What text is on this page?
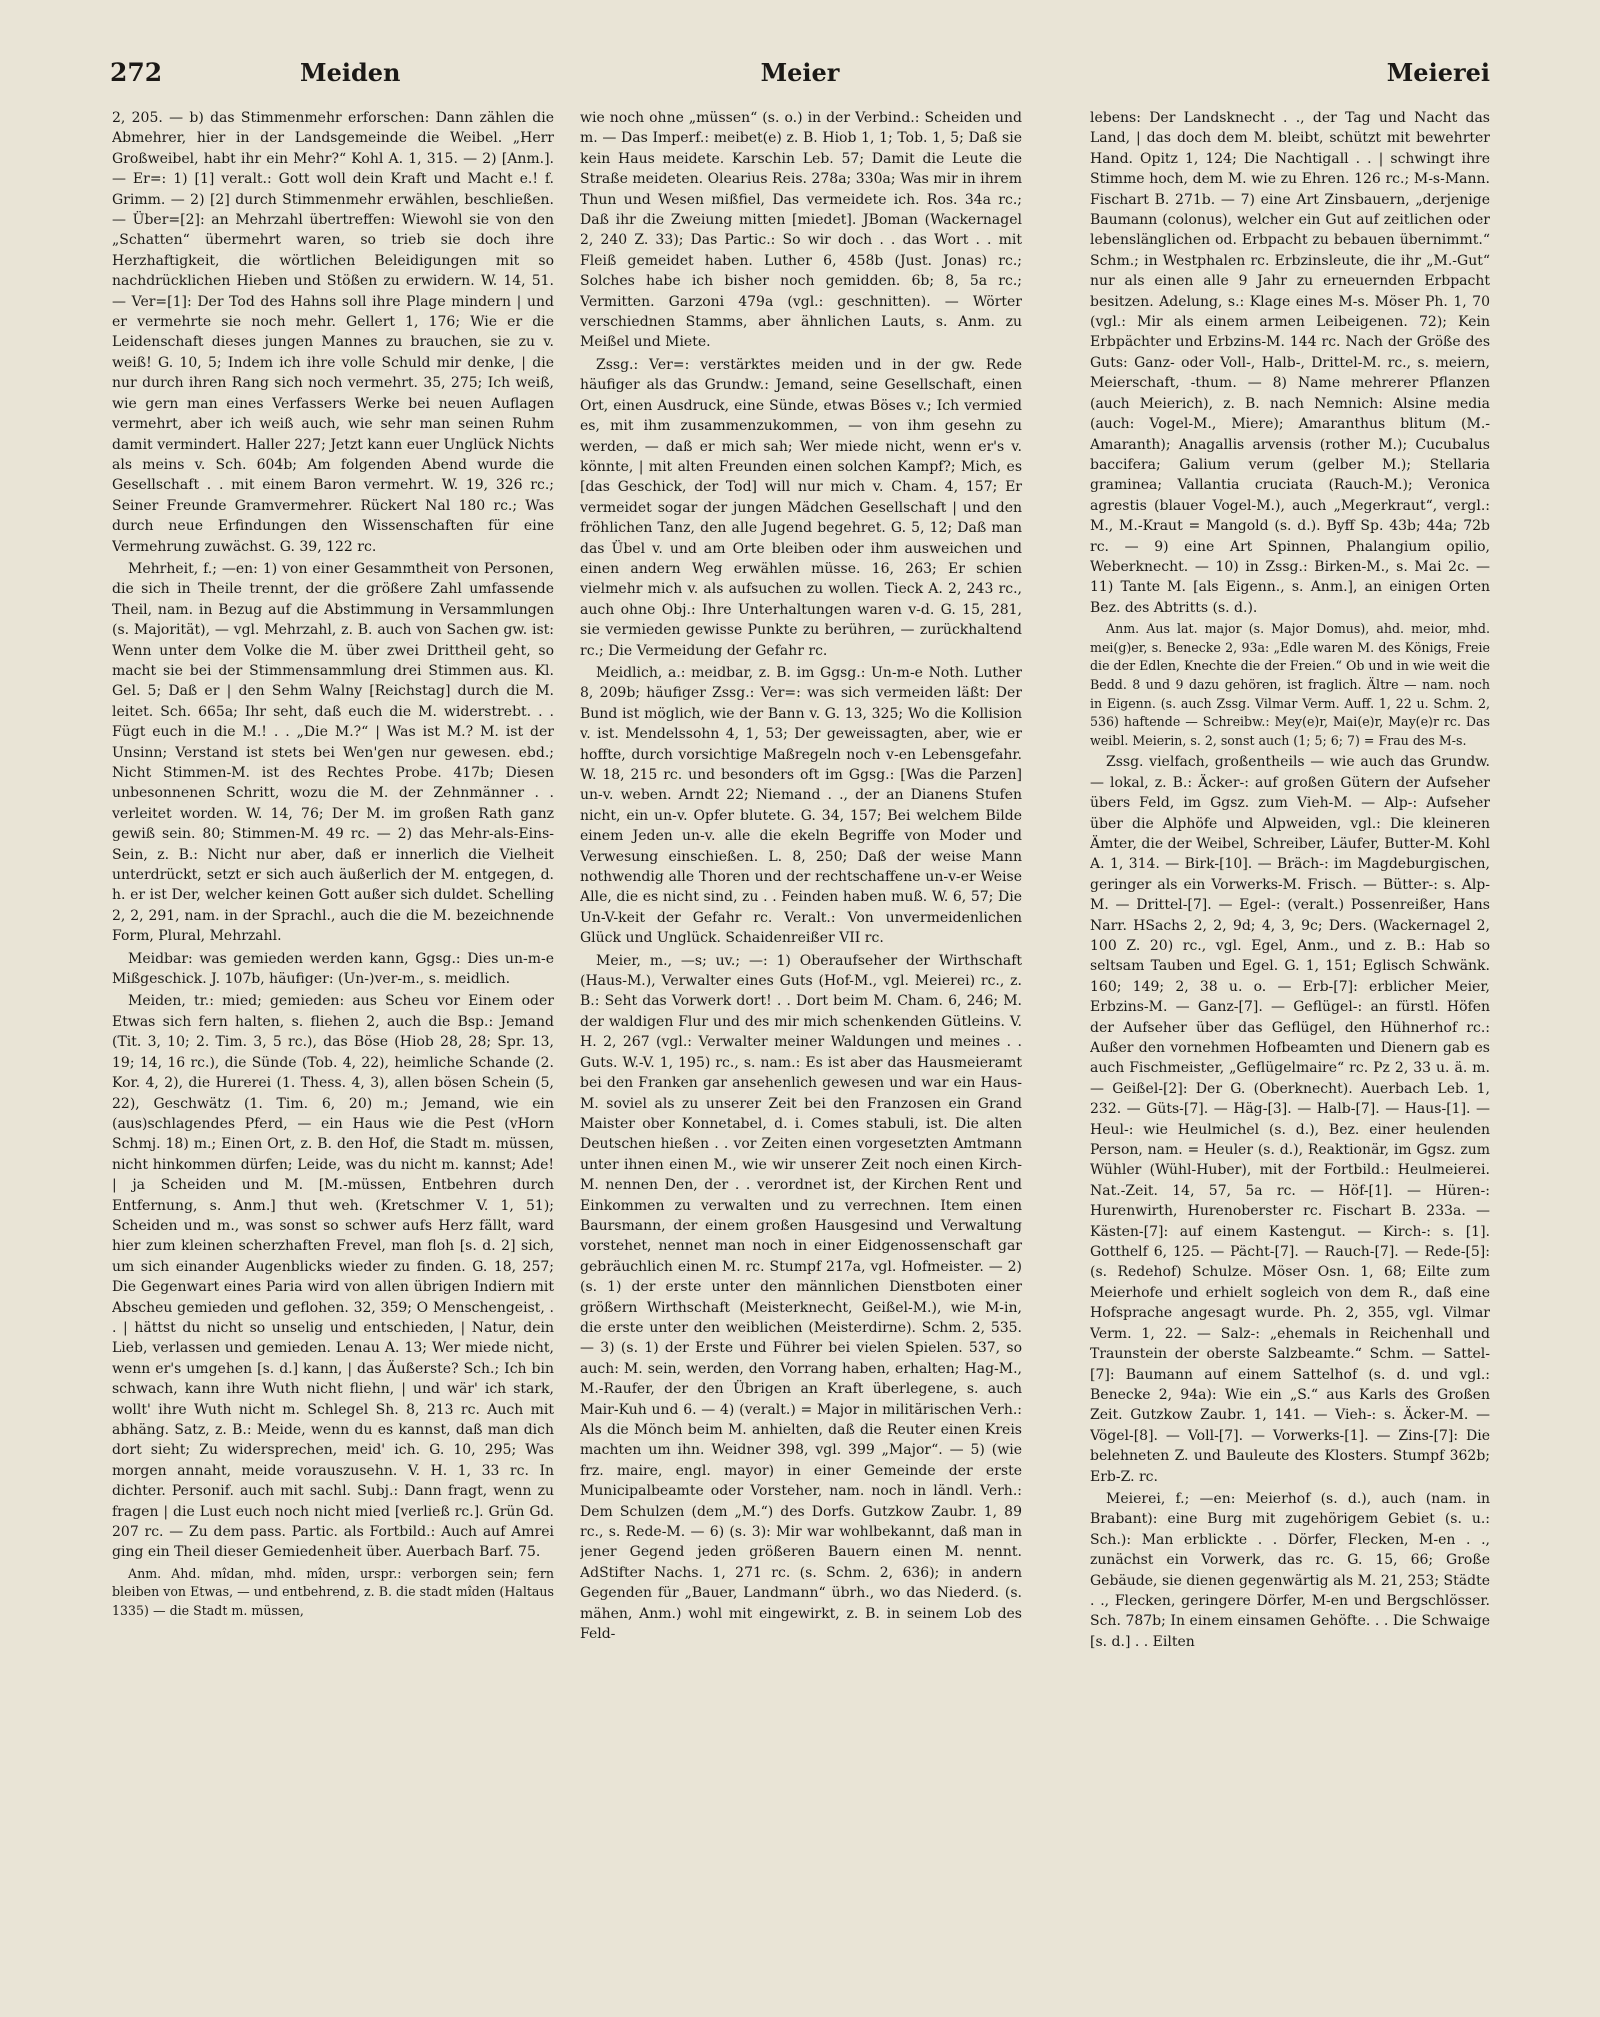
272	Meiden	Meier	Meierei

2, 205. — b) das Stimmenmehr erforschen: Dann zählen die Abmehrer, hier in der Landsgemeinde die Weibel. „Herr Großweibel, habt ihr ein Mehr?“ Kohl A. 1, 315. — 2) [Anm.]. — Er=: 1) [1] veralt.: Gott woll dein Kraft und Macht e.! f. Grimm. — 2) [2] durch Stimmenmehr erwählen, beschließen. — Über=[2]: an Mehrzahl übertreffen: Wiewohl sie von den „Schatten“ übermehrt waren, so trieb sie doch ihre Herzhaftigkeit, die wörtlichen Beleidigungen mit so nachdrücklichen Hieben und Stößen zu erwidern. W. 14, 51. — Ver=[1]: Der Tod des Hahns soll ihre Plage mindern | und er vermehrte sie noch mehr. Gellert 1, 176; Wie er die Leidenschaft dieses jungen Mannes zu brauchen, sie zu v. weiß! G. 10, 5; Indem ich ihre volle Schuld mir denke, | die nur durch ihren Rang sich noch vermehrt. 35, 275; Ich weiß, wie gern man eines Verfassers Werke bei neuen Auflagen vermehrt, aber ich weiß auch, wie sehr man seinen Ruhm damit vermindert. Haller 227; Jetzt kann euer Unglück Nichts als meins v. Sch. 604b; Am folgenden Abend wurde die Gesellschaft . . mit einem Baron vermehrt. W. 19, 326 rc.; Seiner Freunde Gramvermehrer. Rückert Nal 180 rc.; Was durch neue Erfindungen den Wissenschaften für eine Vermehrung zuwächst. G. 39, 122 rc.

Mehrheit, f.; —en: 1) von einer Gesammtheit von Personen, die sich in Theile trennt, der die größere Zahl umfassende Theil, nam. in Bezug auf die Abstimmung in Versammlungen (s. Majorität), — vgl. Mehrzahl, z. B. auch von Sachen gw. ist: Wenn unter dem Volke die M. über zwei Drittheil geht, so macht sie bei der Stimmensammlung drei Stimmen aus. Kl. Gel. 5; Daß er | den Sehm Walny [Reichstag] durch die M. leitet. Sch. 665a; Ihr seht, daß euch die M. widerstrebt. . . Fügt euch in die M.! . . „Die M.?“ | Was ist M.? M. ist der Unsinn; Verstand ist stets bei Wen'gen nur gewesen. ebd.; Nicht Stimmen-M. ist des Rechtes Probe. 417b; Diesen unbesonnenen Schritt, wozu die M. der Zehnmänner . . verleitet worden. W. 14, 76; Der M. im großen Rath ganz gewiß sein. 80; Stimmen-M. 49 rc. — 2) das Mehr-als-Eins-Sein, z. B.: Nicht nur aber, daß er innerlich die Vielheit unterdrückt, setzt er sich auch äußerlich der M. entgegen, d. h. er ist Der, welcher keinen Gott außer sich duldet. Schelling 2, 2, 291, nam. in der Sprachl., auch die die M. bezeichnende Form, Plural, Mehrzahl.

Meidbar: was gemieden werden kann, Ggsg.: Dies un-m-e Mißgeschick. J. 107b, häufiger: (Un-)ver-m., s. meidlich.

Meiden, tr.: mied; gemieden: aus Scheu vor Einem oder Etwas sich fern halten, s. fliehen 2, auch die Bsp.: Jemand (Tit. 3, 10; 2. Tim. 3, 5 rc.), das Böse (Hiob 28, 28; Spr. 13, 19; 14, 16 rc.), die Sünde (Tob. 4, 22), heimliche Schande (2. Kor. 4, 2), die Hurerei (1. Thess. 4, 3), allen bösen Schein (5, 22), Geschwätz (1. Tim. 6, 20) m.; Jemand, wie ein (aus)schlagendes Pferd, — ein Haus wie die Pest (vHorn Schmj. 18) m.; Einen Ort, z. B. den Hof, die Stadt m. müssen, nicht hinkommen dürfen; Leide, was du nicht m. kannst; Ade! | ja Scheiden und M. [M.-müssen, Entbehren durch Entfernung, s. Anm.] thut weh. (Kretschmer V. 1, 51); Scheiden und m., was sonst so schwer aufs Herz fällt, ward hier zum kleinen scherzhaften Frevel, man floh [s. d. 2] sich, um sich einander Augenblicks wieder zu finden. G. 18, 257; Die Gegenwart eines Paria wird von allen übrigen Indiern mit Abscheu gemieden und geflohen. 32, 359; O Menschengeist, . . | hättst du nicht so unselig und entschieden, | Natur, dein Lieb, verlassen und gemieden. Lenau A. 13; Wer miede nicht, wenn er's umgehen [s. d.] kann, | das Äußerste? Sch.; Ich bin schwach, kann ihre Wuth nicht fliehn, | und wär' ich stark, wollt' ihre Wuth nicht m. Schlegel Sh. 8, 213 rc. Auch mit abhäng. Satz, z. B.: Meide, wenn du es kannst, daß man dich dort sieht; Zu widersprechen, meid' ich. G. 10, 295; Was morgen annaht, meide vorauszusehn. V. H. 1, 33 rc. In dichter. Personif. auch mit sachl. Subj.: Dann fragt, wenn zu fragen | die Lust euch noch nicht mied [verließ rc.]. Grün Gd. 207 rc. — Zu dem pass. Partic. als Fortbild.: Auch auf Amrei ging ein Theil dieser Gemiedenheit über. Auerbach Barf. 75.

Anm. Ahd. mîdan, mhd. mîden, urspr.: verborgen sein; fern bleiben von Etwas, — und entbehrend, z. B. die stadt mîden (Haltaus 1335) — die Stadt m. müssen,

wie noch ohne „müssen“ (s. o.) in der Verbind.: Scheiden und m. — Das Imperf.: meibet(e) z. B. Hiob 1, 1; Tob. 1, 5; Daß sie kein Haus meidete. Karschin Leb. 57; Damit die Leute die Straße meideten. Olearius Reis. 278a; 330a; Was mir in ihrem Thun und Wesen mißfiel, Das vermeidete ich. Ros. 34a rc.; Daß ihr die Zweiung mitten [miedet]. JBoman (Wackernagel 2, 240 Z. 33); Das Partic.: So wir doch . . das Wort . . mit Fleiß gemeidet haben. Luther 6, 458b (Just. Jonas) rc.; Solches habe ich bisher noch gemidden. 6b; 8, 5a rc.; Vermitten. Garzoni 479a (vgl.: geschnitten). — Wörter verschiednen Stamms, aber ähnlichen Lauts, s. Anm. zu Meißel und Miete.

Zssg.: Ver=: verstärktes meiden und in der gw. Rede häufiger als das Grundw.: Jemand, seine Gesellschaft, einen Ort, einen Ausdruck, eine Sünde, etwas Böses v.; Ich vermied es, mit ihm zusammenzukommen, — von ihm gesehn zu werden, — daß er mich sah; Wer miede nicht, wenn er's v. könnte, | mit alten Freunden einen solchen Kampf?; Mich, es [das Geschick, der Tod] will nur mich v. Cham. 4, 157; Er vermeidet sogar der jungen Mädchen Gesellschaft | und den fröhlichen Tanz, den alle Jugend begehret. G. 5, 12; Daß man das Übel v. und am Orte bleiben oder ihm ausweichen und einen andern Weg erwählen müsse. 16, 263; Er schien vielmehr mich v. als aufsuchen zu wollen. Tieck A. 2, 243 rc., auch ohne Obj.: Ihre Unterhaltungen waren v-d. G. 15, 281, sie vermieden gewisse Punkte zu berühren, — zurückhaltend rc.; Die Vermeidung der Gefahr rc.

Meidlich, a.: meidbar, z. B. im Ggsg.: Un-m-e Noth. Luther 8, 209b; häufiger Zssg.: Ver=: was sich vermeiden läßt: Der Bund ist möglich, wie der Bann v. G. 13, 325; Wo die Kollision v. ist. Mendelssohn 4, 1, 53; Der geweissagten, aber, wie er hoffte, durch vorsichtige Maßregeln noch v-en Lebensgefahr. W. 18, 215 rc. und besonders oft im Ggsg.: [Was die Parzen] un-v. weben. Arndt 22; Niemand . ., der an Dianens Stufen nicht, ein un-v. Opfer blutete. G. 34, 157; Bei welchem Bilde einem Jeden un-v. alle die ekeln Begriffe von Moder und Verwesung einschießen. L. 8, 250; Daß der weise Mann nothwendig alle Thoren und der rechtschaffene un-v-er Weise Alle, die es nicht sind, zu . . Feinden haben muß. W. 6, 57; Die Un-V-keit der Gefahr rc. Veralt.: Von unvermeidenlichen Glück und Unglück. Schaidenreißer VII rc.

Meier, m., —s; uv.; —: 1) Oberaufseher der Wirthschaft (Haus-M.), Verwalter eines Guts (Hof-M., vgl. Meierei) rc., z. B.: Seht das Vorwerk dort! . . Dort beim M. Cham. 6, 246; M. der waldigen Flur und des mir mich schenkenden Gütleins. V. H. 2, 267 (vgl.: Verwalter meiner Waldungen und meines . . Guts. W.-V. 1, 195) rc., s. nam.: Es ist aber das Hausmeieramt bei den Franken gar ansehenlich gewesen und war ein Haus-M. soviel als zu unserer Zeit bei den Franzosen ein Grand Maister ober Konnetabel, d. i. Comes stabuli, ist. Die alten Deutschen hießen . . vor Zeiten einen vorgesetzten Amtmann unter ihnen einen M., wie wir unserer Zeit noch einen Kirch-M. nennen Den, der . . verordnet ist, der Kirchen Rent und Einkommen zu verwalten und zu verrechnen. Item einen Baursmann, der einem großen Hausgesind und Verwaltung vorstehet, nennet man noch in einer Eidgenossenschaft gar gebräuchlich einen M. rc. Stumpf 217a, vgl. Hofmeister. — 2) (s. 1) der erste unter den männlichen Dienstboten einer größern Wirthschaft (Meisterknecht, Geißel-M.), wie M-in, die erste unter den weiblichen (Meisterdirne). Schm. 2, 535. — 3) (s. 1) der Erste und Führer bei vielen Spielen. 537, so auch: M. sein, werden, den Vorrang haben, erhalten; Hag-M., M.-Raufer, der den Übrigen an Kraft überlegene, s. auch Mair-Kuh und 6. — 4) (veralt.) = Major in militärischen Verh.: Als die Mönch beim M. anhielten, daß die Reuter einen Kreis machten um ihn. Weidner 398, vgl. 399 „Major“. — 5) (wie frz. maire, engl. mayor) in einer Gemeinde der erste Municipalbeamte oder Vorsteher, nam. noch in ländl. Verh.: Dem Schulzen (dem „M.“) des Dorfs. Gutzkow Zaubr. 1, 89 rc., s. Rede-M. — 6) (s. 3): Mir war wohlbekannt, daß man in jener Gegend jeden größeren Bauern einen M. nennt. AdStifter Nachs. 1, 271 rc. (s. Schm. 2, 636); in andern Gegenden für „Bauer, Landmann“ übrh., wo das Niederd. (s. mähen, Anm.) wohl mit eingewirkt, z. B. in seinem Lob des Feld-

lebens: Der Landsknecht . ., der Tag und Nacht das Land, | das doch dem M. bleibt, schützt mit bewehrter Hand. Opitz 1, 124; Die Nachtigall . . | schwingt ihre Stimme hoch, dem M. wie zu Ehren. 126 rc.; M-s-Mann. Fischart B. 271b. — 7) eine Art Zinsbauern, „derjenige Baumann (colonus), welcher ein Gut auf zeitlichen oder lebenslänglichen od. Erbpacht zu bebauen übernimmt.“ Schm.; in Westphalen rc. Erbzinsleute, die ihr „M.-Gut“ nur als einen alle 9 Jahr zu erneuernden Erbpacht besitzen. Adelung, s.: Klage eines M-s. Möser Ph. 1, 70 (vgl.: Mir als einem armen Leibeigenen. 72); Kein Erbpächter und Erbzins-M. 144 rc. Nach der Größe des Guts: Ganz- oder Voll-, Halb-, Drittel-M. rc., s. meiern, Meierschaft, -thum. — 8) Name mehrerer Pflanzen (auch Meierich), z. B. nach Nemnich: Alsine media (auch: Vogel-M., Miere); Amaranthus blitum (M.-Amaranth); Anagallis arvensis (rother M.); Cucubalus baccifera; Galium verum (gelber M.); Stellaria graminea; Vallantia cruciata (Rauch-M.); Veronica agrestis (blauer Vogel-M.), auch „Megerkraut“, vergl.: M., M.-Kraut = Mangold (s. d.). Byff Sp. 43b; 44a; 72b rc. — 9) eine Art Spinnen, Phalangium opilio, Weberknecht. — 10) in Zssg.: Birken-M., s. Mai 2c. — 11) Tante M. [als Eigenn., s. Anm.], an einigen Orten Bez. des Abtritts (s. d.).

Anm. Aus lat. major (s. Major Domus), ahd. meior, mhd. mei(g)er, s. Benecke 2, 93a: „Edle waren M. des Königs, Freie die der Edlen, Knechte die der Freien.“ Ob und in wie weit die Bedd. 8 und 9 dazu gehören, ist fraglich. Ältre — nam. noch in Eigenn. (s. auch Zssg. Vilmar Verm. Auff. 1, 22 u. Schm. 2, 536) haftende — Schreibw.: Mey(e)r, Mai(e)r, May(e)r rc. Das weibl. Meierin, s. 2, sonst auch (1; 5; 6; 7) = Frau des M-s.

Zssg. vielfach, großentheils — wie auch das Grundw. — lokal, z. B.: Äcker-: auf großen Gütern der Aufseher übers Feld, im Ggsz. zum Vieh-M. — Alp-: Aufseher über die Alphöfe und Alpweiden, vgl.: Die kleineren Ämter, die der Weibel, Schreiber, Läufer, Butter-M. Kohl A. 1, 314. — Birk-[10]. — Bräch-: im Magdeburgischen, geringer als ein Vorwerks-M. Frisch. — Bütter-: s. Alp-M. — Drittel-[7]. — Egel-: (veralt.) Possenreißer, Hans Narr. HSachs 2, 2, 9d; 4, 3, 9c; Ders. (Wackernagel 2, 100 Z. 20) rc., vgl. Egel, Anm., und z. B.: Hab so seltsam Tauben und Egel. G. 1, 151; Eglisch Schwänk. 160; 149; 2, 38 u. o. — Erb-[7]: erblicher Meier, Erbzins-M. — Ganz-[7]. — Geflügel-: an fürstl. Höfen der Aufseher über das Geflügel, den Hühnerhof rc.: Außer den vornehmen Hofbeamten und Dienern gab es auch Fischmeister, „Geflügelmaire“ rc. Pz 2, 33 u. ä. m. — Geißel-[2]: Der G. (Oberknecht). Auerbach Leb. 1, 232. — Güts-[7]. — Häg-[3]. — Halb-[7]. — Haus-[1]. — Heul-: wie Heulmichel (s. d.), Bez. einer heulenden Person, nam. = Heuler (s. d.), Reaktionär, im Ggsz. zum Wühler (Wühl-Huber), mit der Fortbild.: Heulmeierei. Nat.-Zeit. 14, 57, 5a rc. — Höf-[1]. — Hüren-: Hurenwirth, Hurenoberster rc. Fischart B. 233a. — Kästen-[7]: auf einem Kastengut. — Kirch-: s. [1]. Gotthelf 6, 125. — Pächt-[7]. — Rauch-[7]. — Rede-[5]: (s. Redehof) Schulze. Möser Osn. 1, 68; Eilte zum Meierhofe und erhielt sogleich von dem R., daß eine Hofsprache angesagt wurde. Ph. 2, 355, vgl. Vilmar Verm. 1, 22. — Salz-: „ehemals in Reichenhall und Traunstein der oberste Salzbeamte.“ Schm. — Sattel-[7]: Baumann auf einem Sattelhof (s. d. und vgl.: Benecke 2, 94a): Wie ein „S.“ aus Karls des Großen Zeit. Gutzkow Zaubr. 1, 141. — Vieh-: s. Äcker-M. — Vögel-[8]. — Voll-[7]. — Vorwerks-[1]. — Zins-[7]: Die belehneten Z. und Bauleute des Klosters. Stumpf 362b; Erb-Z. rc.

Meierei, f.; —en: Meierhof (s. d.), auch (nam. in Brabant): eine Burg mit zugehörigem Gebiet (s. u.: Sch.): Man erblickte . . Dörfer, Flecken, M-en . ., zunächst ein Vorwerk, das rc. G. 15, 66; Große Gebäude, sie dienen gegenwärtig als M. 21, 253; Städte . ., Flecken, geringere Dörfer, M-en und Bergschlösser. Sch. 787b; In einem einsamen Gehöfte. . . Die Schwaige [s. d.] . . Eilten
